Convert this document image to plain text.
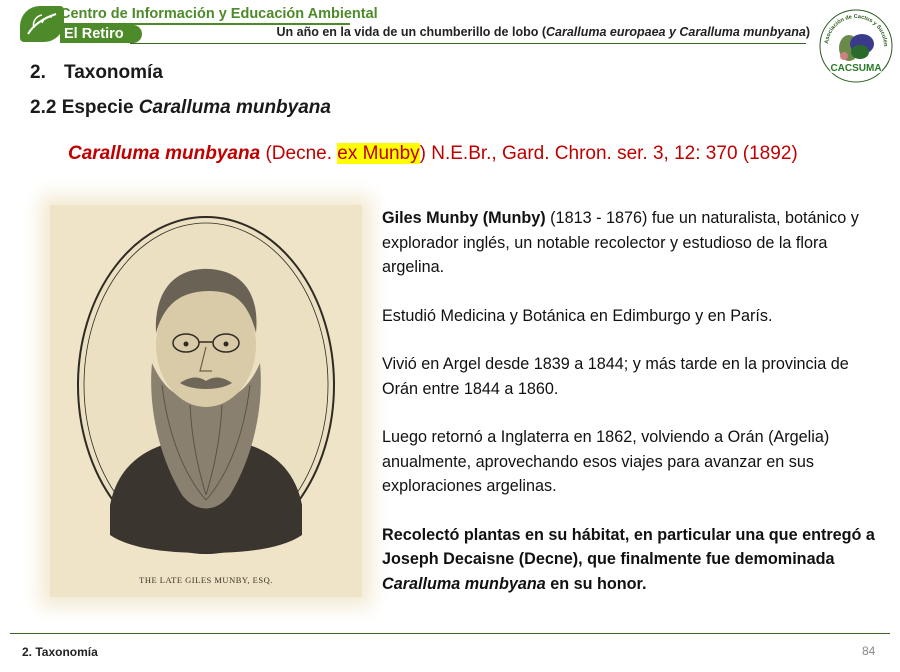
Centro de Información y Educación Ambiental
El Retiro	Un año en la vida de un chumberillo de lobo (Caralluma europaea y Caralluma munbyana)
Asociación de Cactus y Suculen
CACSUMA
2. Taxonomía
2.2 Especie Caralluma munbyana
Caralluma munbyana (Decne. ex Munby) N.E.Br., Gard. Chron. ser. 3, 12: 370 (1892)
THE LATE GILES MUNBY, ESQ.

Giles Munby (Munby) (1813 - 1876) fue un naturalista, botánico y explorador inglés, un notable recolector y estudioso de la flora argelina.

Estudió Medicina y Botánica en Edimburgo y en París.

Vivió en Argel desde 1839 a 1844; y más tarde en la provincia de Orán entre 1844 a 1860.

Luego retornó a Inglaterra en 1862, volviendo a Orán (Argelia) anualmente, aprovechando esos viajes para avanzar en sus exploraciones argelinas.

Recolectó plantas en su hábitat, en particular una que entregó a Joseph Decaisne (Decne), que finalmente fue demominada Caralluma munbyana en su honor.

2. Taxonomía	84
